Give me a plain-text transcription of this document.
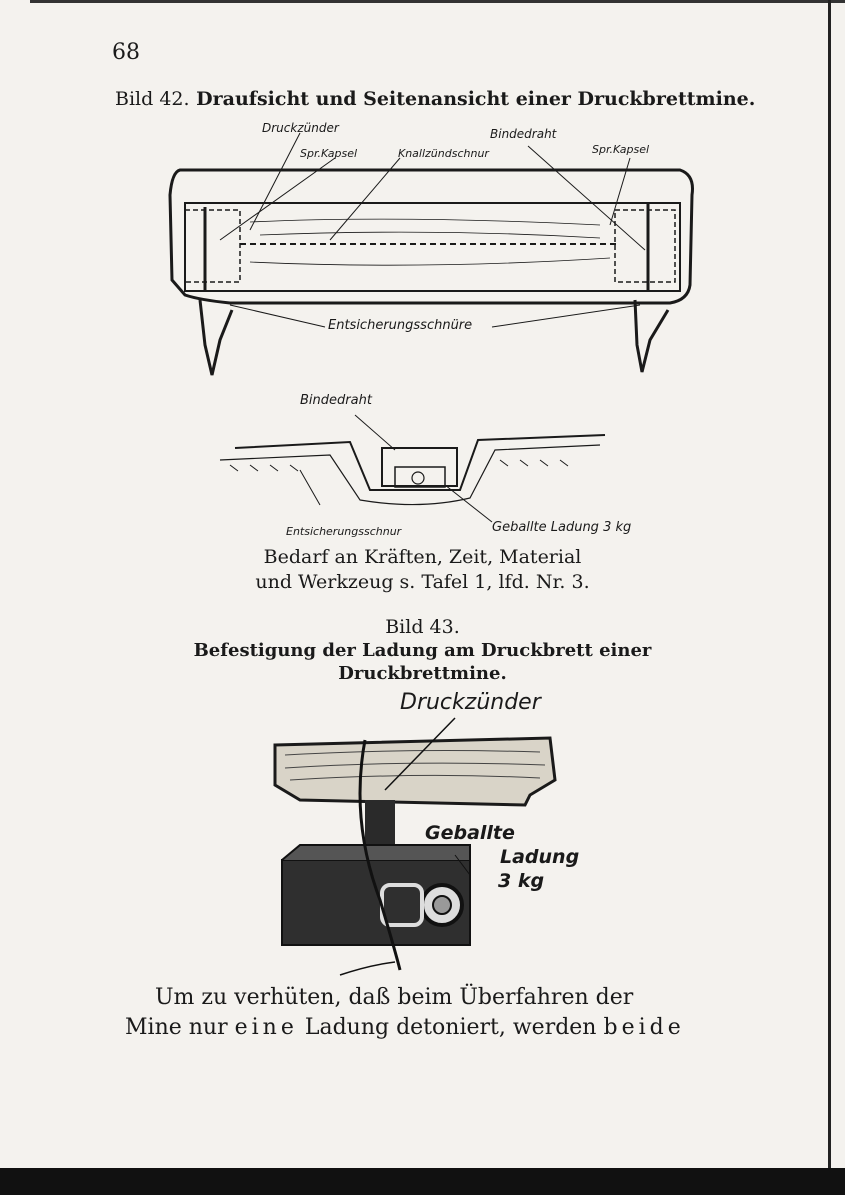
68
Bild 42. Draufsicht und Seitenansicht einer Druckbrettmine.
Druckzünder	Bindedraht
Spr.Kapsel	Knallzündschnur	Spr.Kapsel
Entsicherungsschnüre
Bindedraht
Entsicherungsschnur	Geballte Ladung 3 kg
Bedarf an Kräften, Zeit, Material
und Werkzeug s. Tafel 1, lfd. Nr. 3.
Bild 43.
Befestigung der Ladung am Druckbrett einer
Druckbrettmine.
Druckzünder
Geballte
Ladung
3 kg
Um zu verhüten, daß beim Überfahren der
Mine nur eine Ladung detoniert, werden beide
